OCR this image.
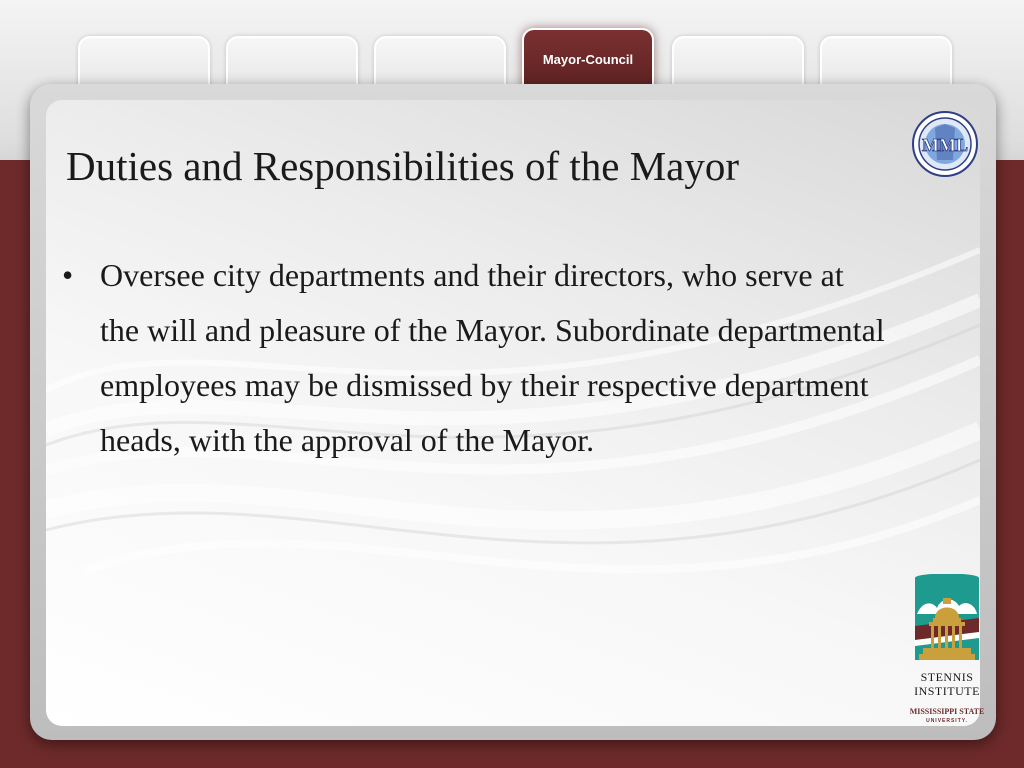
Mayor-Council
Duties and Responsibilities of the Mayor
• Oversee city departments and their directors, who serve at the will and pleasure of the Mayor. Subordinate departmental employees may be dismissed by their respective department heads, with the approval of the Mayor.
MML
STENNIS
INSTITUTE
MISSISSIPPI STATE
UNIVERSITY.
